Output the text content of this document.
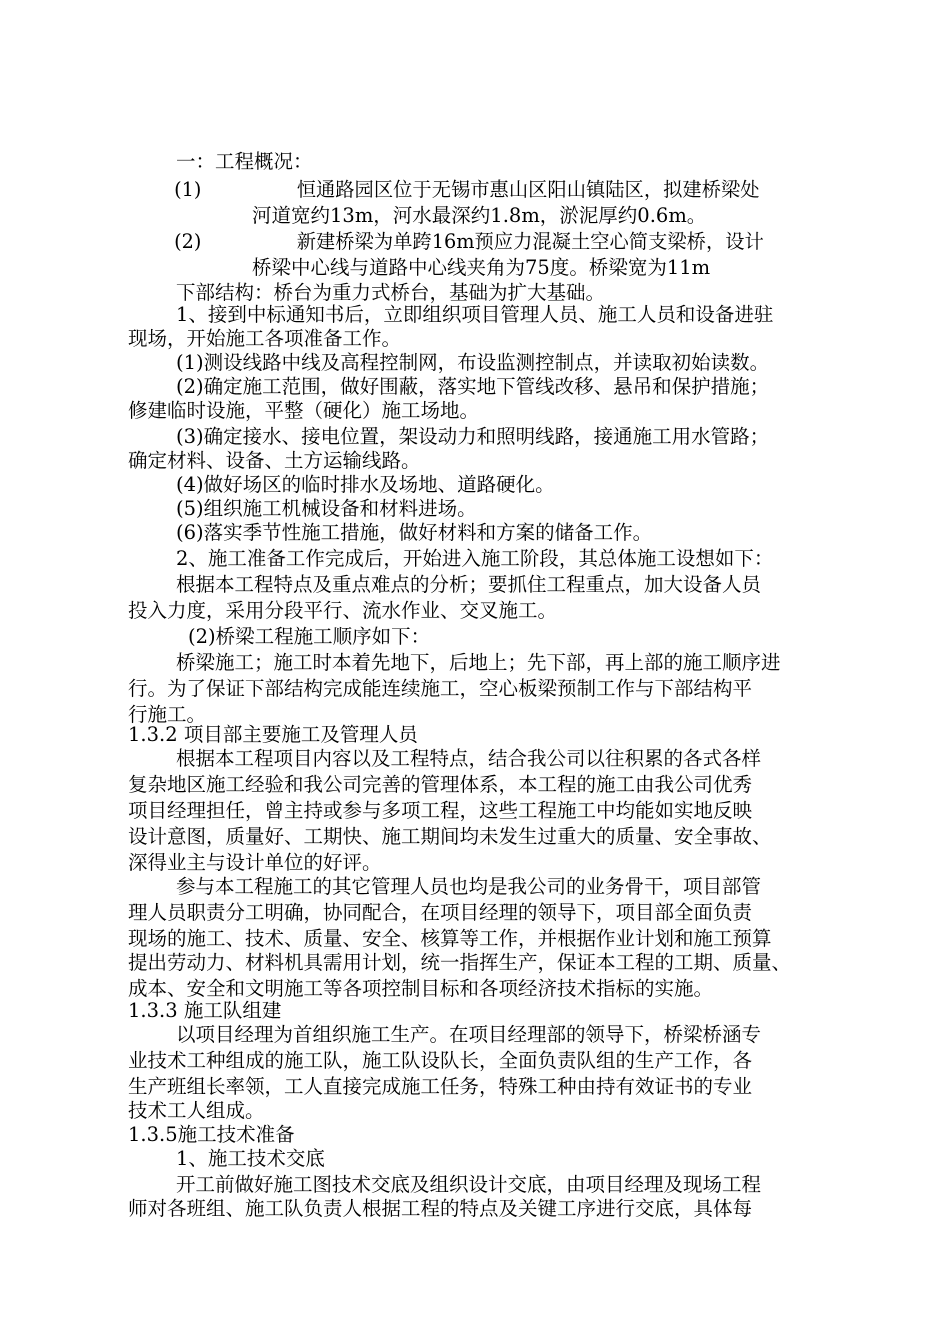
一：工程概况：

(1)	恒通路园区位于无锡市惠山区阳山镇陆区，拟建桥梁处

河道宽约13m，河水最深约1.8m，淤泥厚约0.6m。

(2)	新建桥梁为单跨16m预应力混凝土空心简支梁桥，设计

桥梁中心线与道路中心线夹角为75度。桥梁宽为11m

下部结构：桥台为重力式桥台，基础为扩大基础。

1、接到中标通知书后，立即组织项目管理人员、施工人员和设备进驻

现场，开始施工各项准备工作。

(1)测设线路中线及高程控制网，布设监测控制点，并读取初始读数。

(2)确定施工范围，做好围蔽，落实地下管线改移、悬吊和保护措施；

修建临时设施，平整（硬化）施工场地。

(3)确定接水、接电位置，架设动力和照明线路，接通施工用水管路；

确定材料、设备、土方运输线路。

(4)做好场区的临时排水及场地、道路硬化。

(5)组织施工机械设备和材料进场。

(6)落实季节性施工措施，做好材料和方案的储备工作。

2、施工准备工作完成后，开始进入施工阶段，其总体施工设想如下：

根据本工程特点及重点难点的分析；要抓住工程重点，加大设备人员

投入力度，采用分段平行、流水作业、交叉施工。

(2)桥梁工程施工顺序如下：

桥梁施工；施工时本着先地下，后地上；先下部，再上部的施工顺序进

行。为了保证下部结构完成能连续施工，空心板梁预制工作与下部结构平

行施工。

1.3.2 项目部主要施工及管理人员

根据本工程项目内容以及工程特点，结合我公司以往积累的各式各样

复杂地区施工经验和我公司完善的管理体系，本工程的施工由我公司优秀

项目经理担任，曾主持或参与多项工程，这些工程施工中均能如实地反映

设计意图，质量好、工期快、施工期间均未发生过重大的质量、安全事故、

深得业主与设计单位的好评。

参与本工程施工的其它管理人员也均是我公司的业务骨干，项目部管

理人员职责分工明确，协同配合，在项目经理的领导下，项目部全面负责

现场的施工、技术、质量、安全、核算等工作，并根据作业计划和施工预算

提出劳动力、材料机具需用计划，统一指挥生产，保证本工程的工期、质量、

成本、安全和文明施工等各项控制目标和各项经济技术指标的实施。

1.3.3 施工队组建

以项目经理为首组织施工生产。在项目经理部的领导下，桥梁桥涵专

业技术工种组成的施工队，施工队设队长，全面负责队组的生产工作，各

生产班组长率领，工人直接完成施工任务，特殊工种由持有效证书的专业

技术工人组成。

1.3.5施工技术准备

1、施工技术交底

开工前做好施工图技术交底及组织设计交底，由项目经理及现场工程

师对各班组、施工队负责人根据工程的特点及关键工序进行交底，具体每
